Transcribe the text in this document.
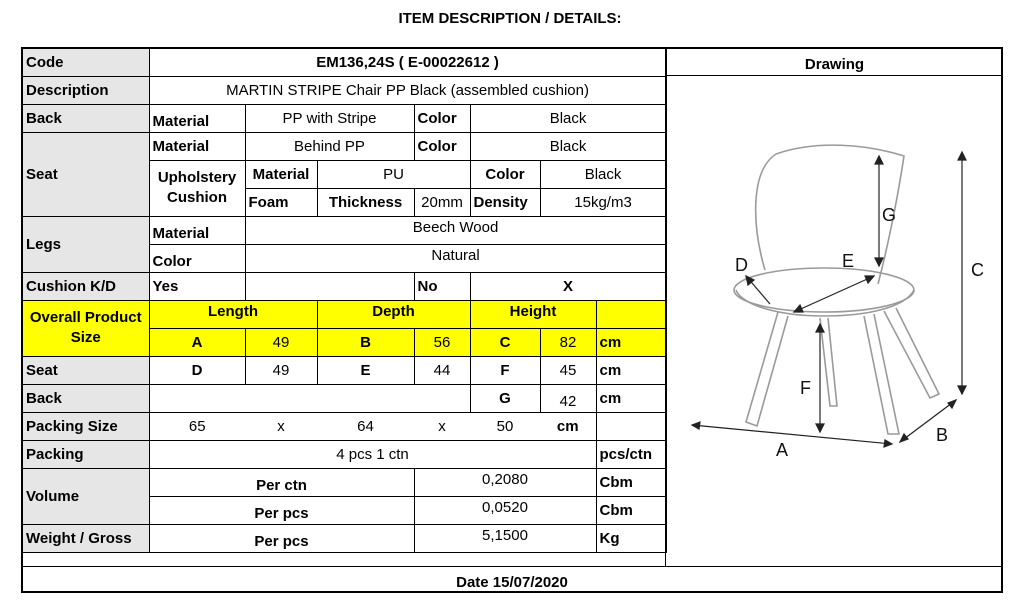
ITEM DESCRIPTION / DETAILS:
Code	EM136,24S ( E-00022612 )						
Description	MARTIN STRIPE Chair PP Black (assembled cushion)						
Back	Material	PP with Stripe		Color	Black		
Seat	Material	Behind PP		Color	Black		
	Upholstery Cushion	Material	PU		Color	Black	
		Foam	Thickness	20mm	Density	15kg/m3	
Legs	Material	Beech Wood					
	Color	Natural					
Cushion K/D	Yes			No	X		
Overall Product Size	Length		Depth		Height		
	A	49	B	56	C	82	cm
Seat	D	49	E	44	F	45	cm
Back					G	42	cm
Packing Size	65	x	64	x	50	cm	
Packing	4 pcs 1 ctn						pcs/ctn
Volume	Per ctn			0,2080			Cbm
	Per pcs			0,0520			Cbm
Weight / Gross	Per pcs			5,1500			Kg
Drawing
G
C
D	E
F
A
B
Date 15/07/2020
